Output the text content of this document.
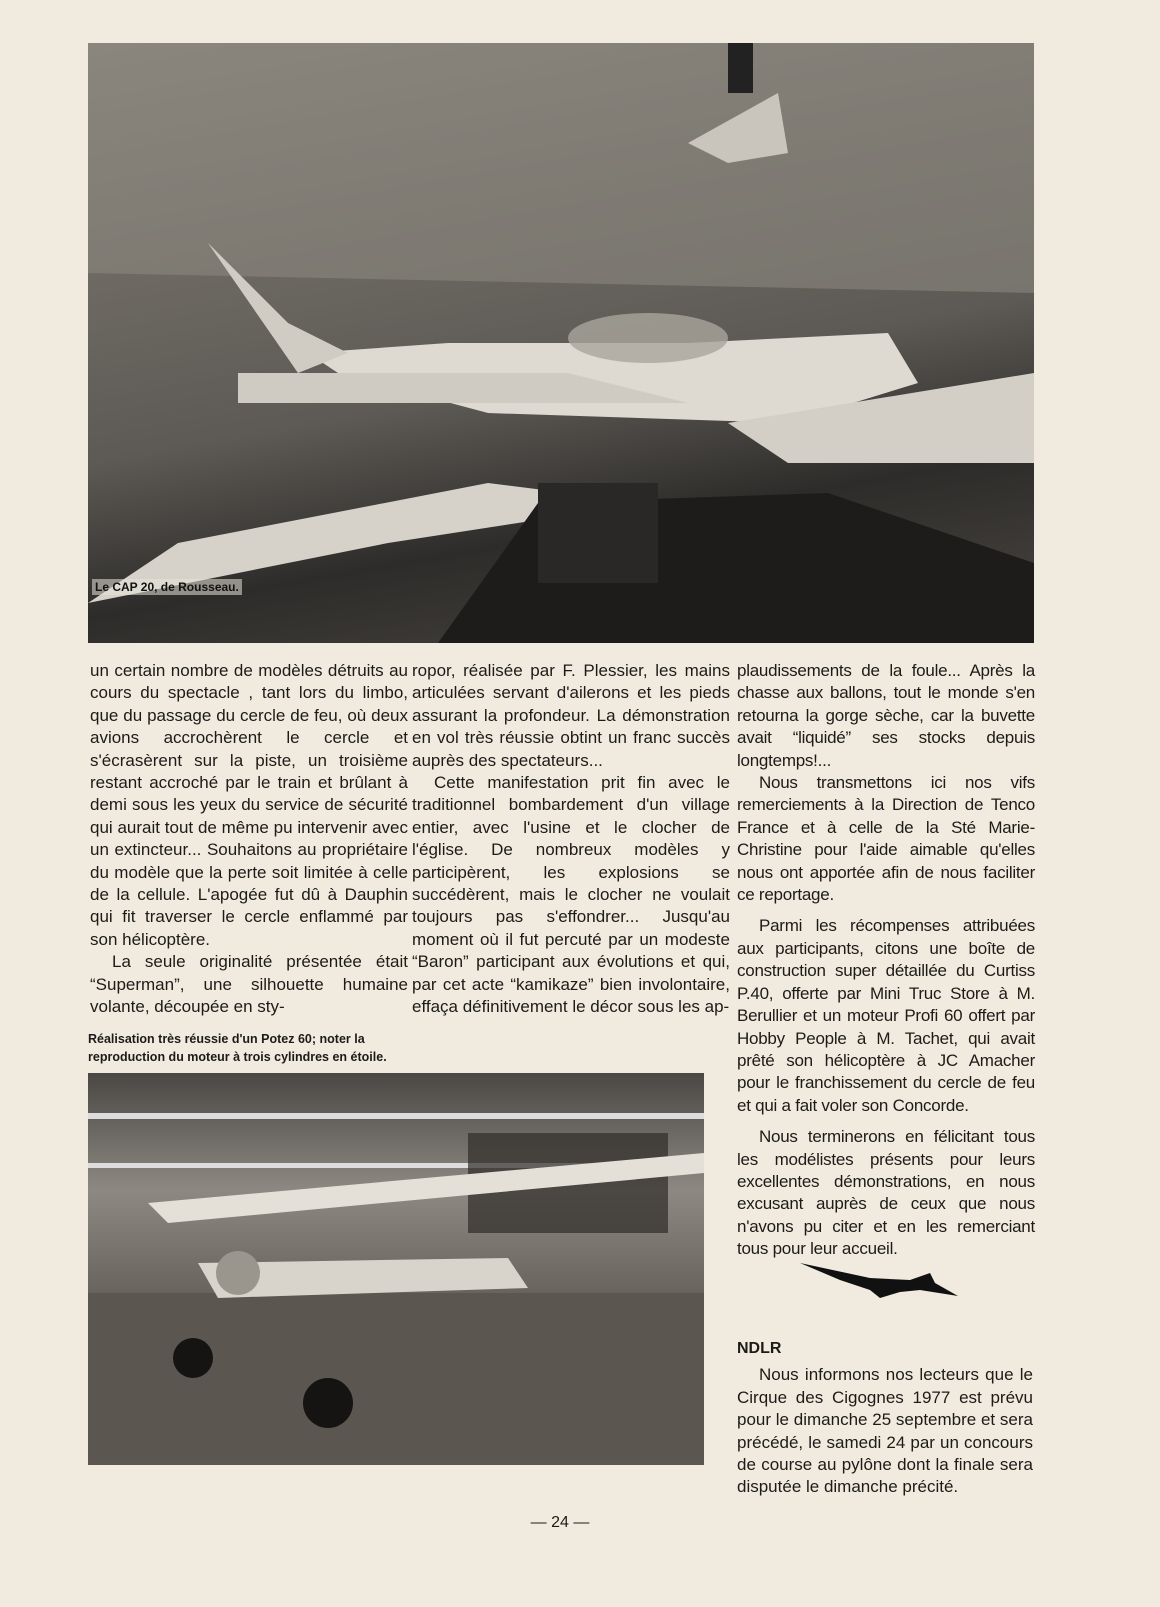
Le CAP 20, de Rousseau.

un certain nombre de modèles détruits au cours du spectacle , tant lors du limbo, que du passage du cercle de feu, où deux avions accrochèrent le cercle et s'écrasèrent sur la piste, un troisième restant accroché par le train et brûlant à demi sous les yeux du service de sécurité qui aurait tout de même pu intervenir avec un extincteur... Souhaitons au propriétaire du modèle que la perte soit limitée à celle de la cellule. L'apogée fut dû à Dauphin qui fit traverser le cercle enflammé par son hélicoptère.

La seule originalité présentée était “Superman”, une silhouette humaine volante, découpée en sty-

ropor, réalisée par F. Plessier, les mains articulées servant d'ailerons et les pieds assurant la profondeur. La démonstration en vol très réussie obtint un franc succès auprès des spectateurs...

Cette manifestation prit fin avec le traditionnel bombardement d'un village entier, avec l'usine et le clocher de l'église. De nombreux modèles y participèrent, les explosions se succédèrent, mais le clocher ne voulait toujours pas s'effondrer... Jusqu'au moment où il fut percuté par un modeste “Baron” participant aux évolutions et qui, par cet acte “kamikaze” bien involontaire, effaça définitivement le décor sous les ap-

plaudissements de la foule... Après la chasse aux ballons, tout le monde s'en retourna la gorge sèche, car la buvette avait “liquidé” ses stocks depuis longtemps!...

Nous transmettons ici nos vifs remerciements à la Direction de Tenco France et à celle de la Sté Marie-Christine pour l'aide aimable qu'elles nous ont apportée afin de nous faciliter ce reportage.

Parmi les récompenses attribuées aux participants, citons une boîte de construction super détaillée du Curtiss P.40, offerte par Mini Truc Store à M. Berullier et un moteur Profi 60 offert par Hobby People à M. Tachet, qui avait prêté son hélicoptère à JC Amacher pour le franchissement du cercle de feu et qui a fait voler son Concorde.

Nous terminerons en félicitant tous les modélistes présents pour leurs excellentes démonstrations, en nous excusant auprès de ceux que nous n'avons pu citer et en les remerciant tous pour leur accueil.

Réalisation très réussie d'un Potez 60; noter la reproduction du moteur à trois cylindres en étoile.
NDLR

Nous informons nos lecteurs que le Cirque des Cigognes 1977 est prévu pour le dimanche 25 septembre et sera précédé, le samedi 24 par un concours de course au pylône dont la finale sera disputée le dimanche précité.

— 24 —
